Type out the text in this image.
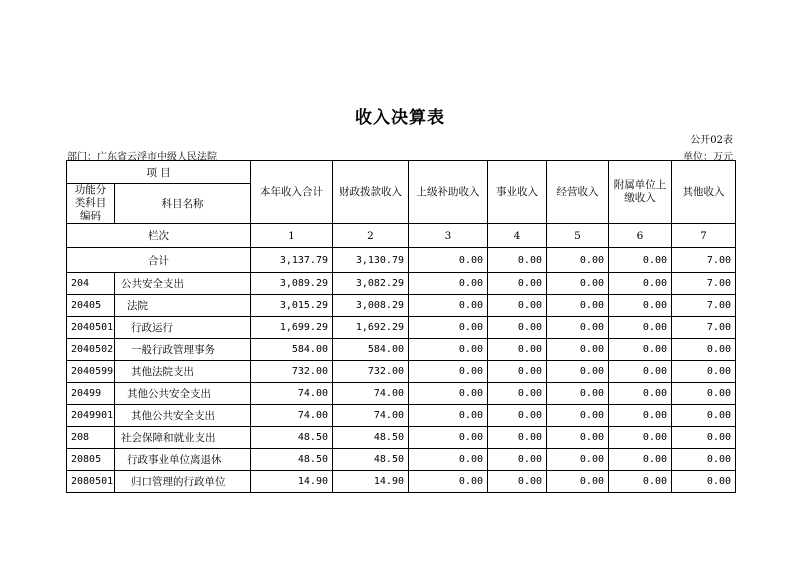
收入决算表
公开02表
部门：广东省云浮市中级人民法院	单位：万元
项 目		本年收入合计	财政拨款收入	上级补助收入	事业收入	经营收入	附属单位上缴收入	其他收入
功能分类科目编码	科目名称							
栏次		1	2	3	4	5	6	7
合计		3,137.79	3,130.79	0.00	0.00	0.00	0.00	7.00
204	公共安全支出	3,089.29	3,082.29	0.00	0.00	0.00	0.00	7.00
20405	法院	3,015.29	3,008.29	0.00	0.00	0.00	0.00	7.00
2040501	行政运行	1,699.29	1,692.29	0.00	0.00	0.00	0.00	7.00
2040502	一般行政管理事务	584.00	584.00	0.00	0.00	0.00	0.00	0.00
2040599	其他法院支出	732.00	732.00	0.00	0.00	0.00	0.00	0.00
20499	其他公共安全支出	74.00	74.00	0.00	0.00	0.00	0.00	0.00
2049901	其他公共安全支出	74.00	74.00	0.00	0.00	0.00	0.00	0.00
208	社会保障和就业支出	48.50	48.50	0.00	0.00	0.00	0.00	0.00
20805	行政事业单位离退休	48.50	48.50	0.00	0.00	0.00	0.00	0.00
2080501	归口管理的行政单位	14.90	14.90	0.00	0.00	0.00	0.00	0.00
